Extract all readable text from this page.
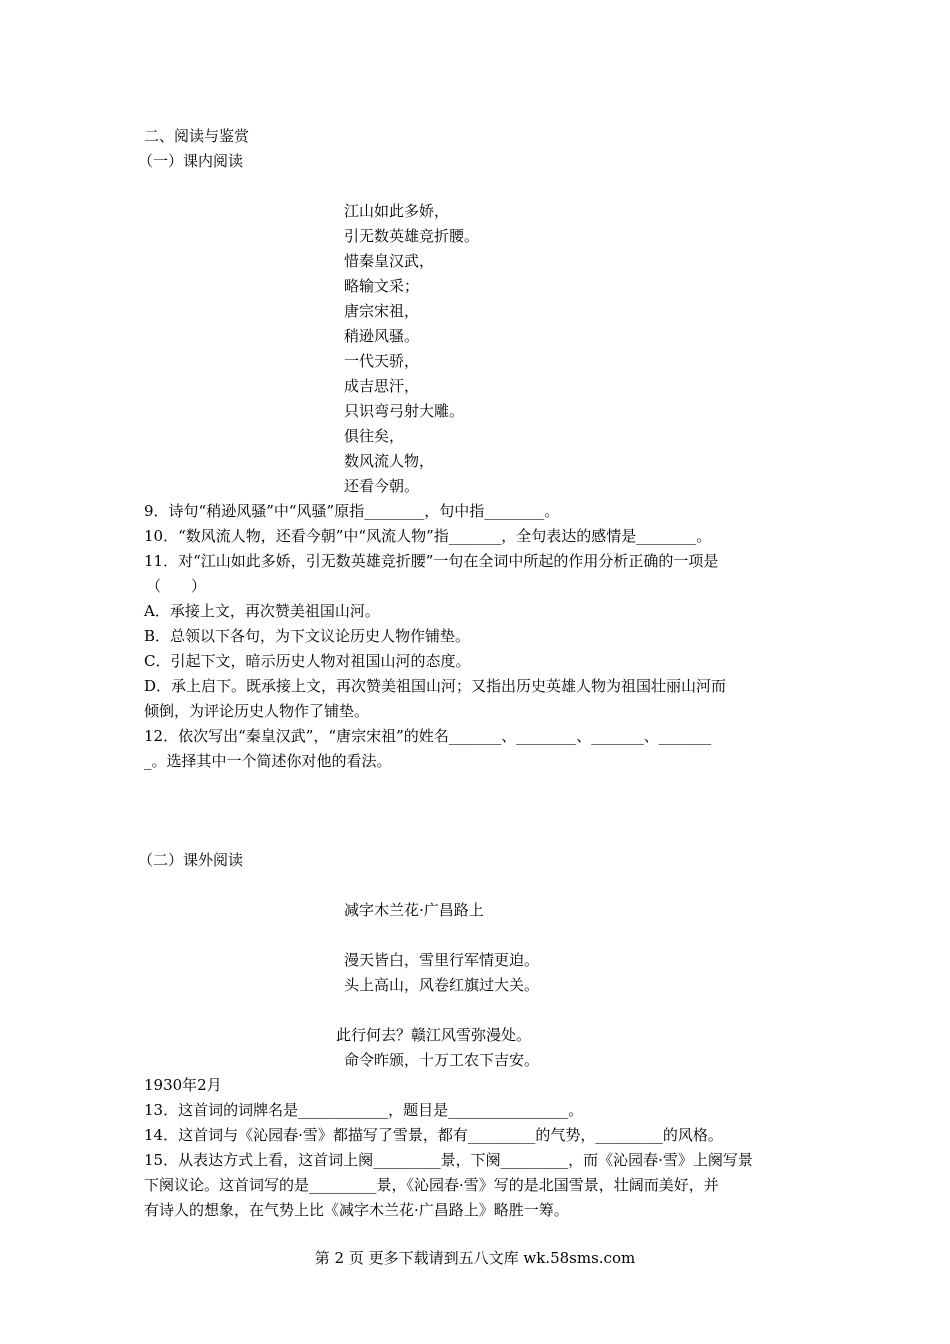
二、阅读与鉴赏
（一）课内阅读
江山如此多娇，
引无数英雄竞折腰。
惜秦皇汉武，
略输文采；
唐宗宋祖，
稍逊风骚。
一代天骄，
成吉思汗，
只识弯弓射大雕。
俱往矣，
数风流人物，
还看今朝。
9．诗句“稍逊风骚”中“风骚”原指________，句中指________。
10．“数风流人物，还看今朝”中“风流人物”指_______，全句表达的感情是________。
11．对“江山如此多娇，引无数英雄竞折腰”一句在全词中所起的作用分析正确的一项是
（　　）
A．承接上文，再次赞美祖国山河。
B．总领以下各句，为下文议论历史人物作铺垫。
C．引起下文，暗示历史人物对祖国山河的态度。
D．承上启下。既承接上文，再次赞美祖国山河；又指出历史英雄人物为祖国壮丽山河而
倾倒，为评论历史人物作了铺垫。
12．依次写出“秦皇汉武”，“唐宗宋祖”的姓名_______、________、_______、_______
_。选择其中一个简述你对他的看法。
（二）课外阅读
减字木兰花·广昌路上
漫天皆白，雪里行军情更迫。
头上高山，风卷红旗过大关。
此行何去？赣江风雪弥漫处。
命令昨颁，十万工农下吉安。
1930年2月
13．这首词的词牌名是____________，题目是________________。
14．这首词与《沁园春·雪》都描写了雪景，都有_________的气势，_________的风格。
15．从表达方式上看，这首词上阕_________景，下阕_________，而《沁园春·雪》上阕写景
下阕议论。这首词写的是_________景，《沁园春·雪》写的是北国雪景，壮阔而美好，并
有诗人的想象，在气势上比《减字木兰花·广昌路上》略胜一筹。
第 2 页 更多下载请到五八文库 wk.58sms.com
